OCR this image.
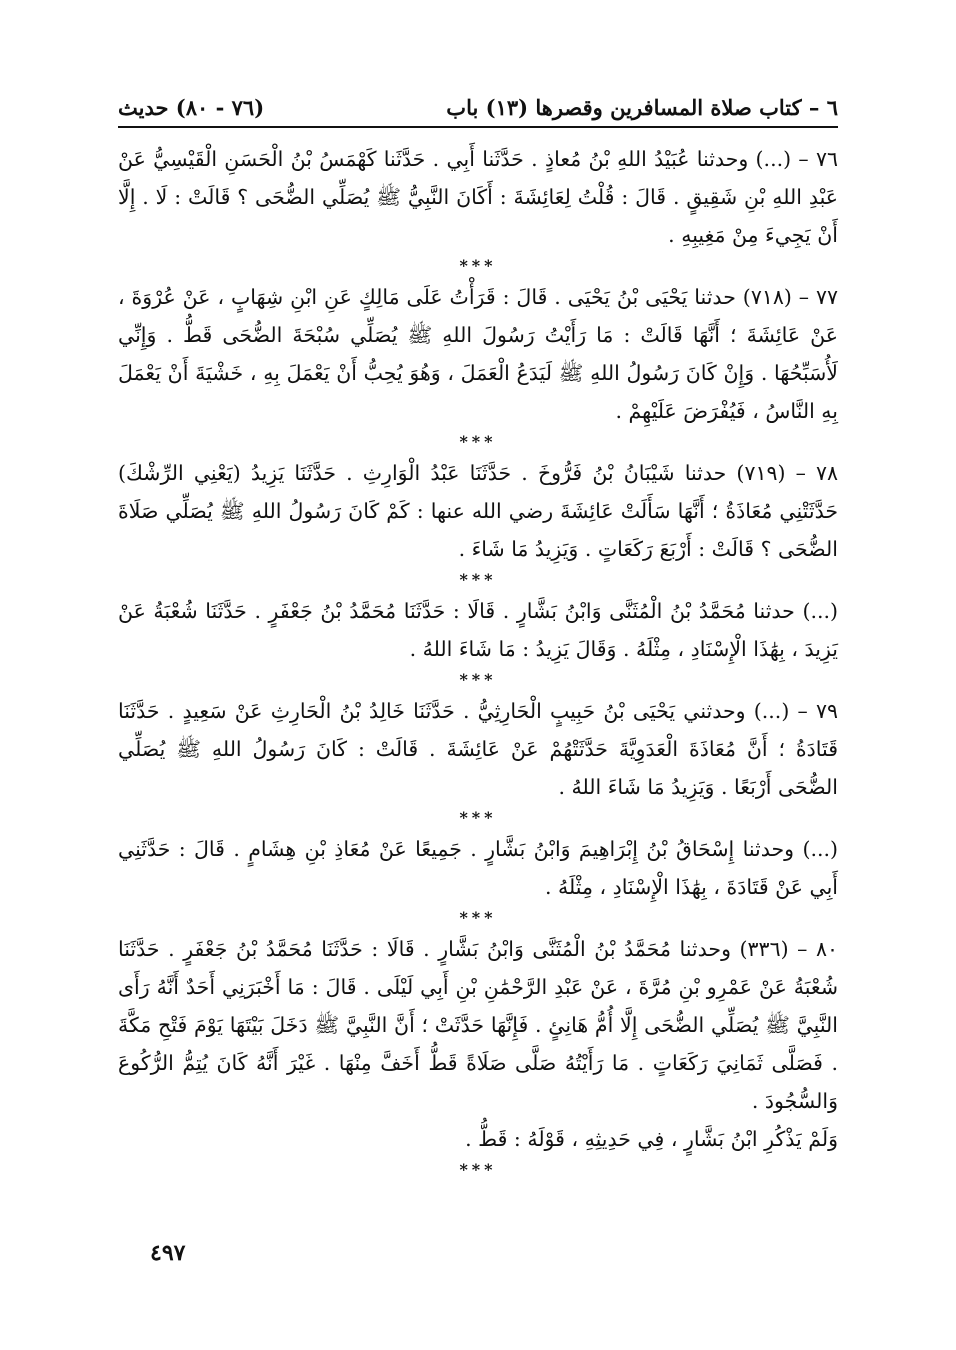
٦ – كتاب صلاة المسافرين وقصرها (١٣) باب
(٧٦ - ٨٠) حديث

٧٦ – (...) وحدثنا عُبَيْدُ اللهِ بْنُ مُعاذٍ . حَدَّثَنا أَبِي . حَدَّثَنا كَهْمَسُ بْنُ الْحَسَنِ الْقَيْسِيُّ عَنْ عَبْدِ اللهِ بْنِ شَقِيقٍ . قَالَ : قُلْتُ لِعَائِشَةَ : أَكَانَ النَّبِيُّ ﷺ يُصَلِّي الضُّحَى ؟ قَالَتْ : لَا . إِلَّا أَنْ يَجِيءَ مِنْ مَغِيبِهِ .

***

٧٧ – (٧١٨) حدثنا يَحْيَى بْنُ يَحْيَى . قَالَ : قَرَأْتُ عَلَى مَالِكٍ عَنِ ابْنِ شِهَابٍ ، عَنْ عُرْوَةَ ، عَنْ عَائِشَةَ ؛ أَنَّهَا قَالَتْ : مَا رَأَيْتُ رَسُولَ اللهِ ﷺ يُصَلِّي سُبْحَةَ الضُّحَى قَطُّ . وَإِنِّي لَأُسَبِّحُهَا . وَإِنْ كَانَ رَسُولُ اللهِ ﷺ لَيَدَعُ الْعَمَلَ ، وَهُوَ يُحِبُّ أَنْ يَعْمَلَ بِهِ ، خَشْيَةَ أَنْ يَعْمَلَ بِهِ النَّاسُ ، فَيُفْرَضَ عَلَيْهِمْ .

***

٧٨ – (٧١٩) حدثنا شَيْبَانُ بْنُ فَرُّوخَ . حَدَّثَنَا عَبْدُ الْوَارِثِ . حَدَّثَنَا يَزِيدُ (يَعْنِي الرِّشْكَ) حَدَّثَتْنِي مُعَاذَةُ ؛ أَنَّهَا سَأَلَتْ عَائِشَةَ رضي الله عنها : كَمْ كَانَ رَسُولُ اللهِ ﷺ يُصَلِّي صَلَاةَ الضُّحَى ؟ قَالَتْ : أَرْبَعَ رَكَعَاتٍ . وَيَزِيدُ مَا شَاءَ .

***

(...) حدثنا مُحَمَّدُ بْنُ الْمُثَنَّى وَابْنُ بَشَّارٍ . قَالَا : حَدَّثَنَا مُحَمَّدُ بْنُ جَعْفَرٍ . حَدَّثَنَا شُعْبَةُ عَنْ يَزِيدَ ، بِهَٰذَا الْإِسْنَادِ ، مِثْلَهُ . وَقَالَ يَزِيدُ : مَا شَاءَ اللهُ .

***

٧٩ – (...) وحدثني يَحْيَى بْنُ حَبِيبٍ الْحَارِثِيُّ . حَدَّثَنَا خَالِدُ بْنُ الْحَارِثِ عَنْ سَعِيدٍ . حَدَّثَنَا قَتَادَةُ ؛ أَنَّ مُعَاذَةَ الْعَدَوِيَّةَ حَدَّثَتْهُمْ عَنْ عَائِشَةَ . قَالَتْ : كَانَ رَسُولُ اللهِ ﷺ يُصَلِّي الضُّحَى أَرْبَعًا . وَيَزِيدُ مَا شَاءَ اللهُ .

***

(...) وحدثنا إِسْحَاقُ بْنُ إِبْرَاهِيمَ وَابْنُ بَشَّارٍ . جَمِيعًا عَنْ مُعَاذِ بْنِ هِشَامٍ . قَالَ : حَدَّثَنِي أَبِي عَنْ قَتَادَةَ ، بِهَٰذَا الْإِسْنَادِ ، مِثْلَهُ .

***

٨٠ – (٣٣٦) وحدثنا مُحَمَّدُ بْنُ الْمُثَنَّى وَابْنُ بَشَّارٍ . قَالَا : حَدَّثَنَا مُحَمَّدُ بْنُ جَعْفَرٍ . حَدَّثَنَا شُعْبَةُ عَنْ عَمْرِو بْنِ مُرَّةَ ، عَنْ عَبْدِ الرَّحْمَٰنِ بْنِ أَبِي لَيْلَى . قَالَ : مَا أَخْبَرَنِي أَحَدٌ أَنَّهُ رَأَى النَّبِيَّ ﷺ يُصَلِّي الضُّحَى إِلَّا أُمُّ هَانِئٍ . فَإِنَّهَا حَدَّثَتْ ؛ أَنَّ النَّبِيَّ ﷺ دَخَلَ بَيْتَهَا يَوْمَ فَتْحِ مَكَّةَ . فَصَلَّى ثَمَانِيَ رَكَعَاتٍ . مَا رَأَيْتُهُ صَلَّى صَلَاةً قَطُّ أَخَفَّ مِنْهَا . غَيْرَ أَنَّهُ كَانَ يُتِمُّ الرُّكُوعَ وَالسُّجُودَ .

وَلَمْ يَذْكُرِ ابْنُ بَشَّارٍ ، فِي حَدِيثِهِ ، قَوْلَهُ : قَطُّ .

***

٤٩٧
